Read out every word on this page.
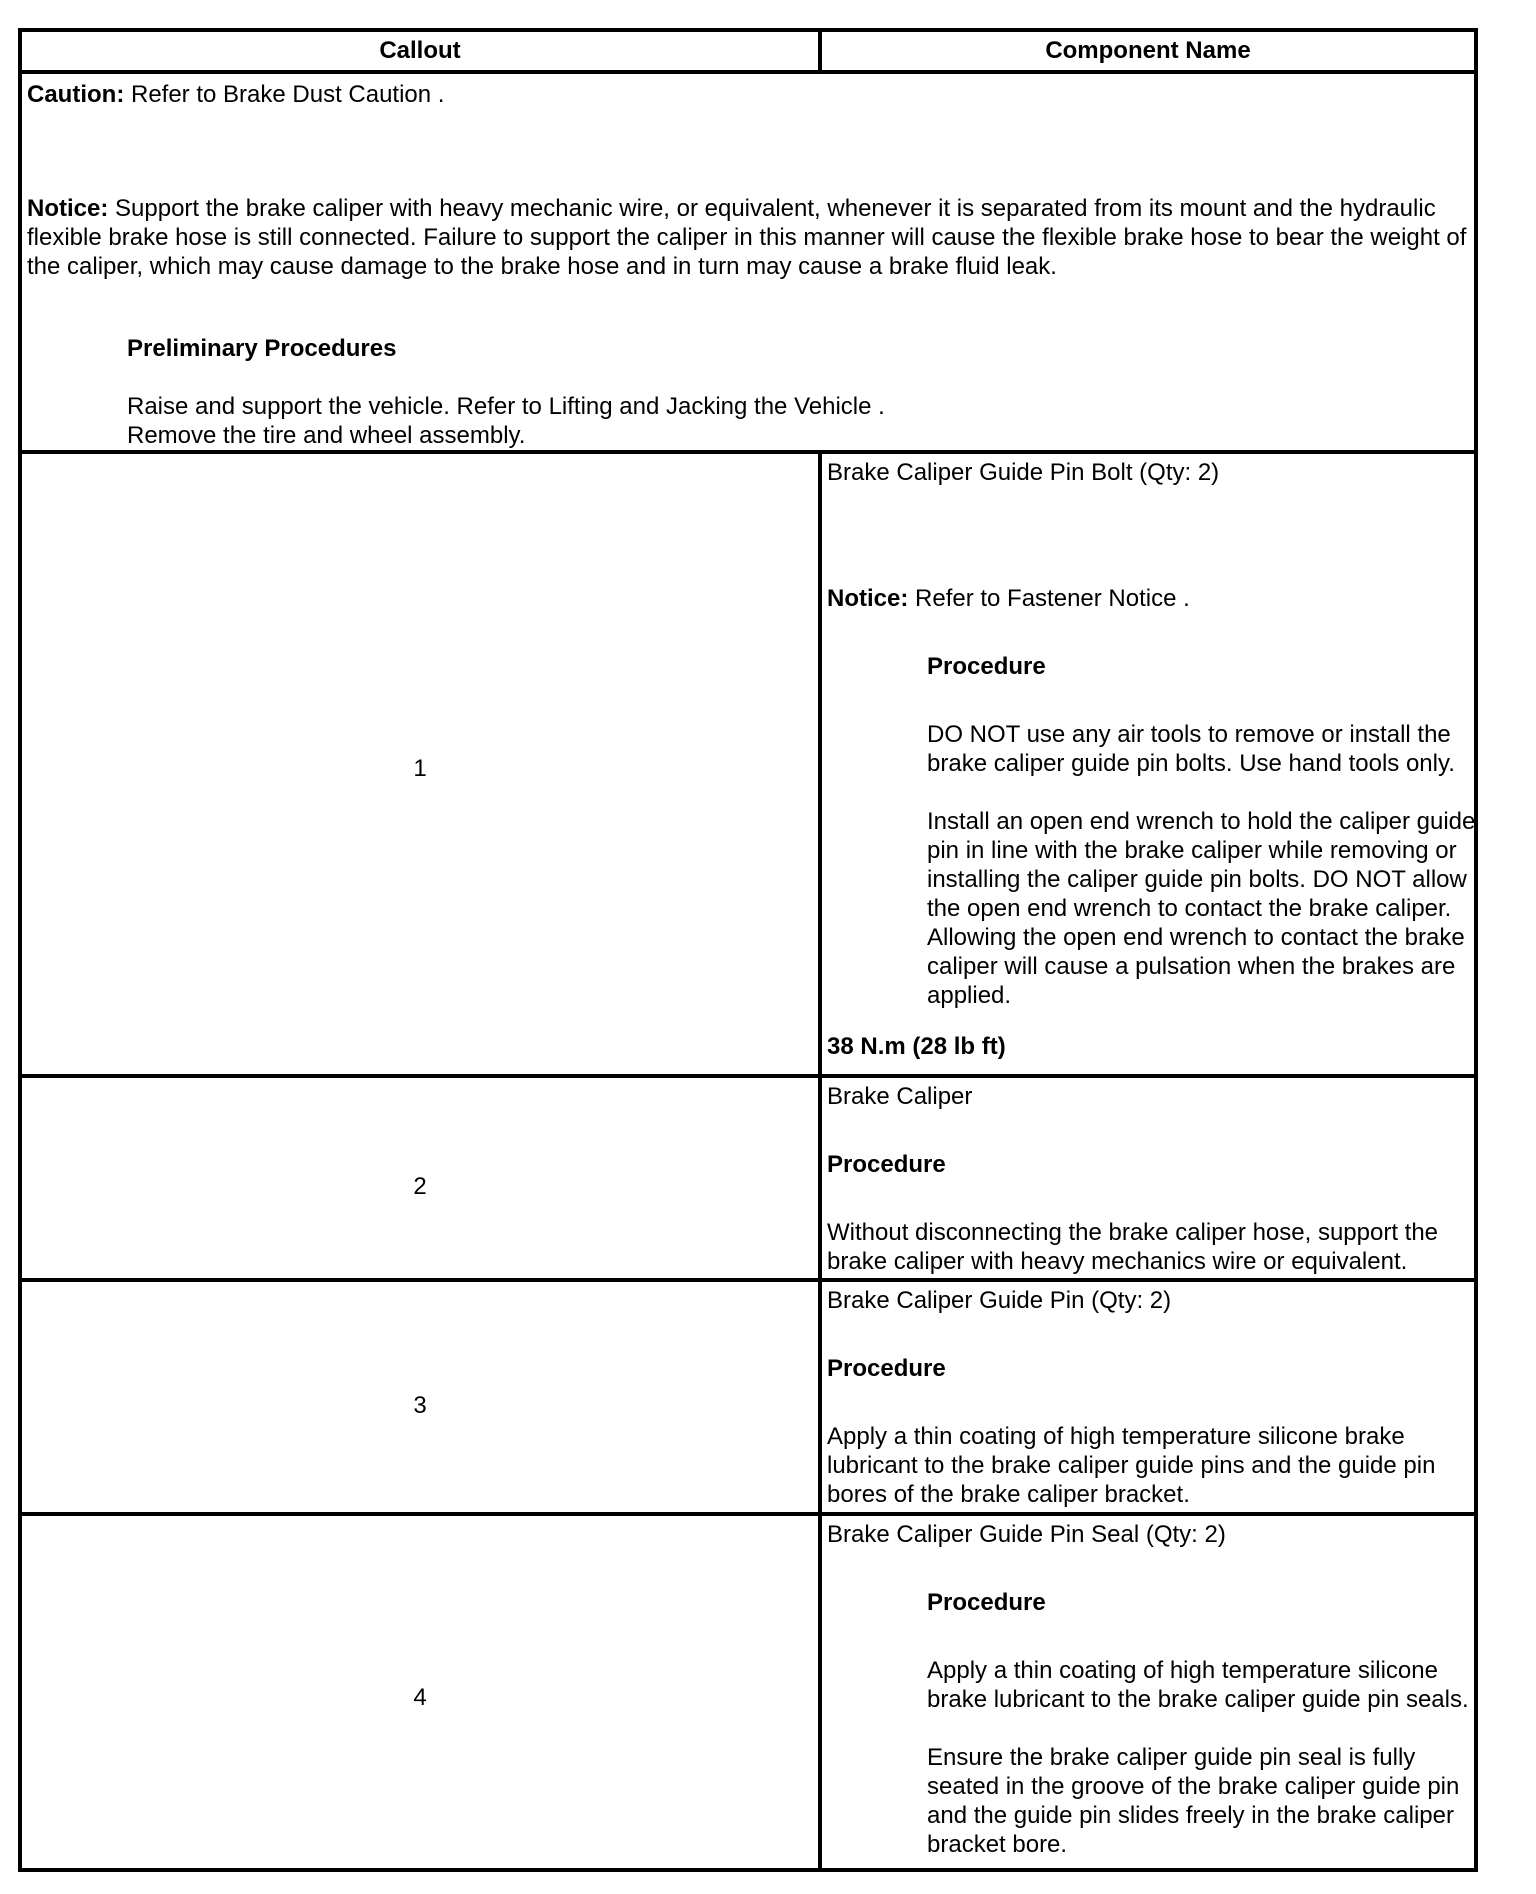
Callout	Component Name
Caution: Refer to Brake Dust Caution .
Notice: Support the brake caliper with heavy mechanic wire, or equivalent, whenever it is separated from its mount and the hydraulic flexible brake hose is still connected. Failure to support the caliper in this manner will cause the flexible brake hose to bear the weight of the caliper, which may cause damage to the brake hose and in turn may cause a brake fluid leak.
Preliminary Procedures
Raise and support the vehicle. Refer to Lifting and Jacking the Vehicle .
Remove the tire and wheel assembly.
1
Brake Caliper Guide Pin Bolt (Qty: 2)
Notice: Refer to Fastener Notice .
Procedure
DO NOT use any air tools to remove or install the brake caliper guide pin bolts. Use hand tools only.
Install an open end wrench to hold the caliper guide pin in line with the brake caliper while removing or installing the caliper guide pin bolts. DO NOT allow the open end wrench to contact the brake caliper. Allowing the open end wrench to contact the brake caliper will cause a pulsation when the brakes are applied.
38 N.m (28 lb ft)
2
Brake Caliper
Procedure
Without disconnecting the brake caliper hose, support the brake caliper with heavy mechanics wire or equivalent.
3
Brake Caliper Guide Pin (Qty: 2)
Procedure
Apply a thin coating of high temperature silicone brake lubricant to the brake caliper guide pins and the guide pin bores of the brake caliper bracket.
4
Brake Caliper Guide Pin Seal (Qty: 2)
Procedure
Apply a thin coating of high temperature silicone brake lubricant to the brake caliper guide pin seals.
Ensure the brake caliper guide pin seal is fully seated in the groove of the brake caliper guide pin and the guide pin slides freely in the brake caliper bracket bore.
